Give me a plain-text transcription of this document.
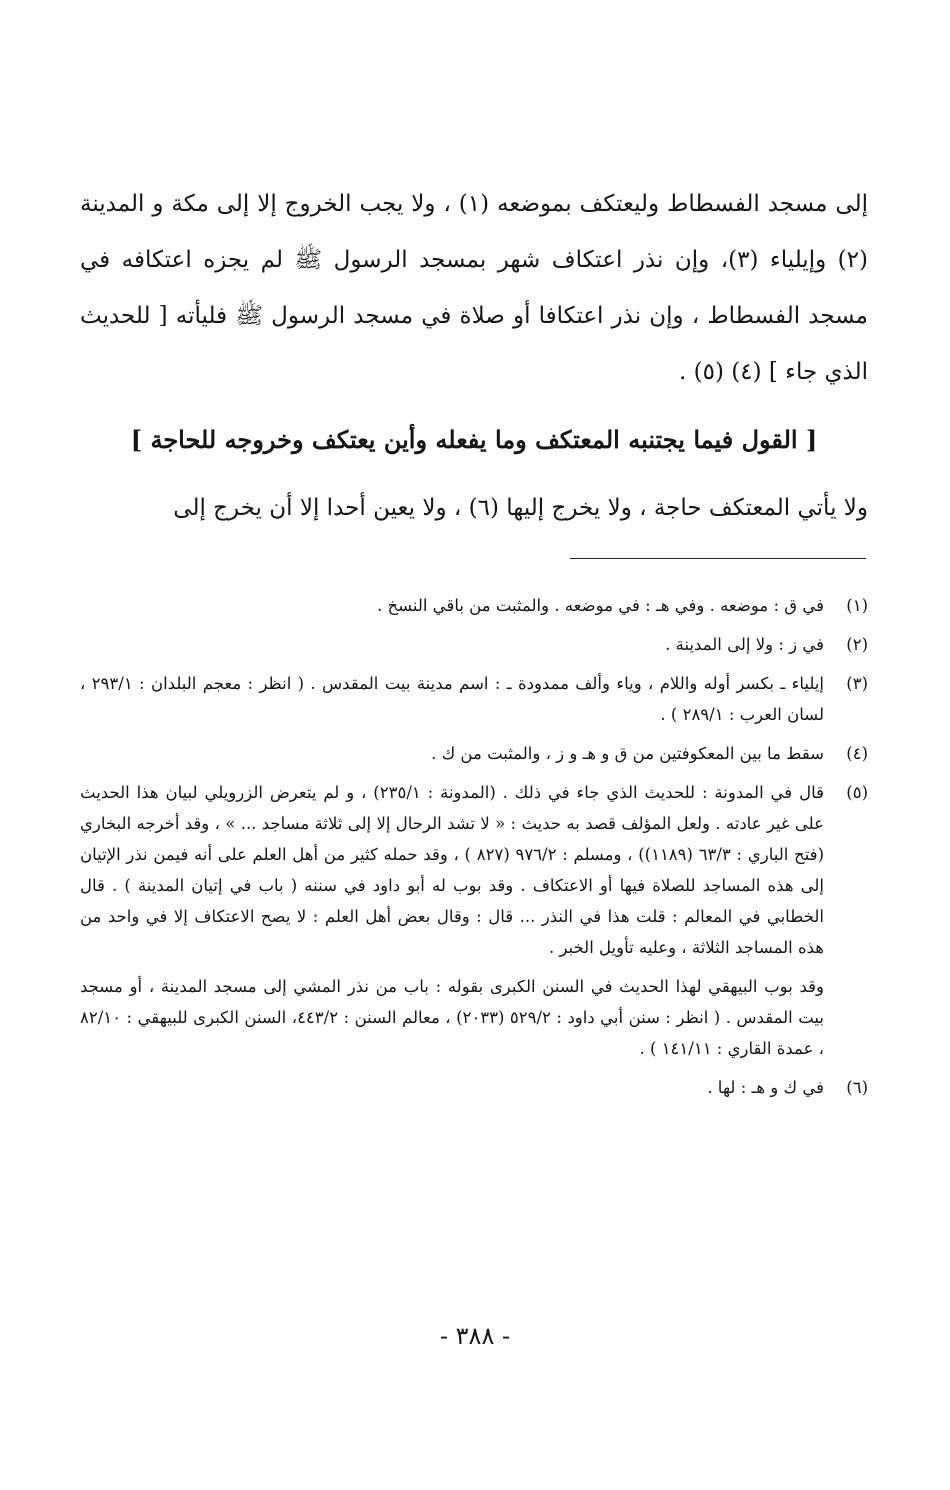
إلى مسجد الفسطاط وليعتكف بموضعه (١) ، ولا يجب الخروج إلا إلى مكة و المدينة (٢) وإيلياء (٣)، وإن نذر اعتكاف شهر بمسجد الرسول ﷺ لم يجزه اعتكافه في مسجد الفسطاط ، وإن نذر اعتكافا أو صلاة في مسجد الرسول ﷺ فليأته [ للحديث الذي جاء ] (٤) (٥) .

[ القول فيما يجتنبه المعتكف وما يفعله وأين يعتكف وخروجه للحاجة ]

ولا يأتي المعتكف حاجة ، ولا يخرج إليها (٦) ، ولا يعين أحدا إلا أن يخرج إلى

(١)
في ق : موضعه . وفي هـ : في موضعه . والمثبت من باقي النسخ .
(٢)
في ز : ولا إلى المدينة .
(٣)
إيلياء ـ بكسر أوله واللام ، وياء وألف ممدودة ـ : اسم مدينة بيت المقدس . ( انظر : معجم البلدان : ٢٩٣/١ ، لسان العرب : ٢٨٩/١ ) .
(٤)
سقط ما بين المعكوفتين من ق و هـ و ز ، والمثبت من ك .
(٥)
قال في المدونة : للحديث الذي جاء في ذلك . (المدونة : ٢٣٥/١) ، و لم يتعرض الزرويلي لبيان هذا الحديث على غير عادته . ولعل المؤلف قصد به حديث : « لا تشد الرحال إلا إلى ثلاثة مساجد ... » ، وقد أخرجه البخاري (فتح الباري : ٦٣/٣ (١١٨٩)) ، ومسلم : ٩٧٦/٢ (٨٢٧ ) ، وقد حمله كثير من أهل العلم على أنه فيمن نذر الإتيان إلى هذه المساجد للصلاة فيها أو الاعتكاف . وقد بوب له أبو داود في سننه ( باب في إتيان المدينة ) . قال الخطابي في المعالم : قلت هذا في النذر ... قال : وقال بعض أهل العلم : لا يصح الاعتكاف إلا في واحد من هذه المساجد الثلاثة ، وعليه تأويل الخبر .
وقد بوب البيهقي لهذا الحديث في السنن الكبرى بقوله : باب من نذر المشي إلى مسجد المدينة ، أو مسجد بيت المقدس . ( انظر : سنن أبي داود : ٥٢٩/٢ (٢٠٣٣) ، معالم السنن : ٤٤٣/٢، السنن الكبرى للبيهقي : ٨٢/١٠ ، عمدة القاري : ١٤١/١١ ) .
(٦)
في ك و هـ : لها .
- ٣٨٨ -
